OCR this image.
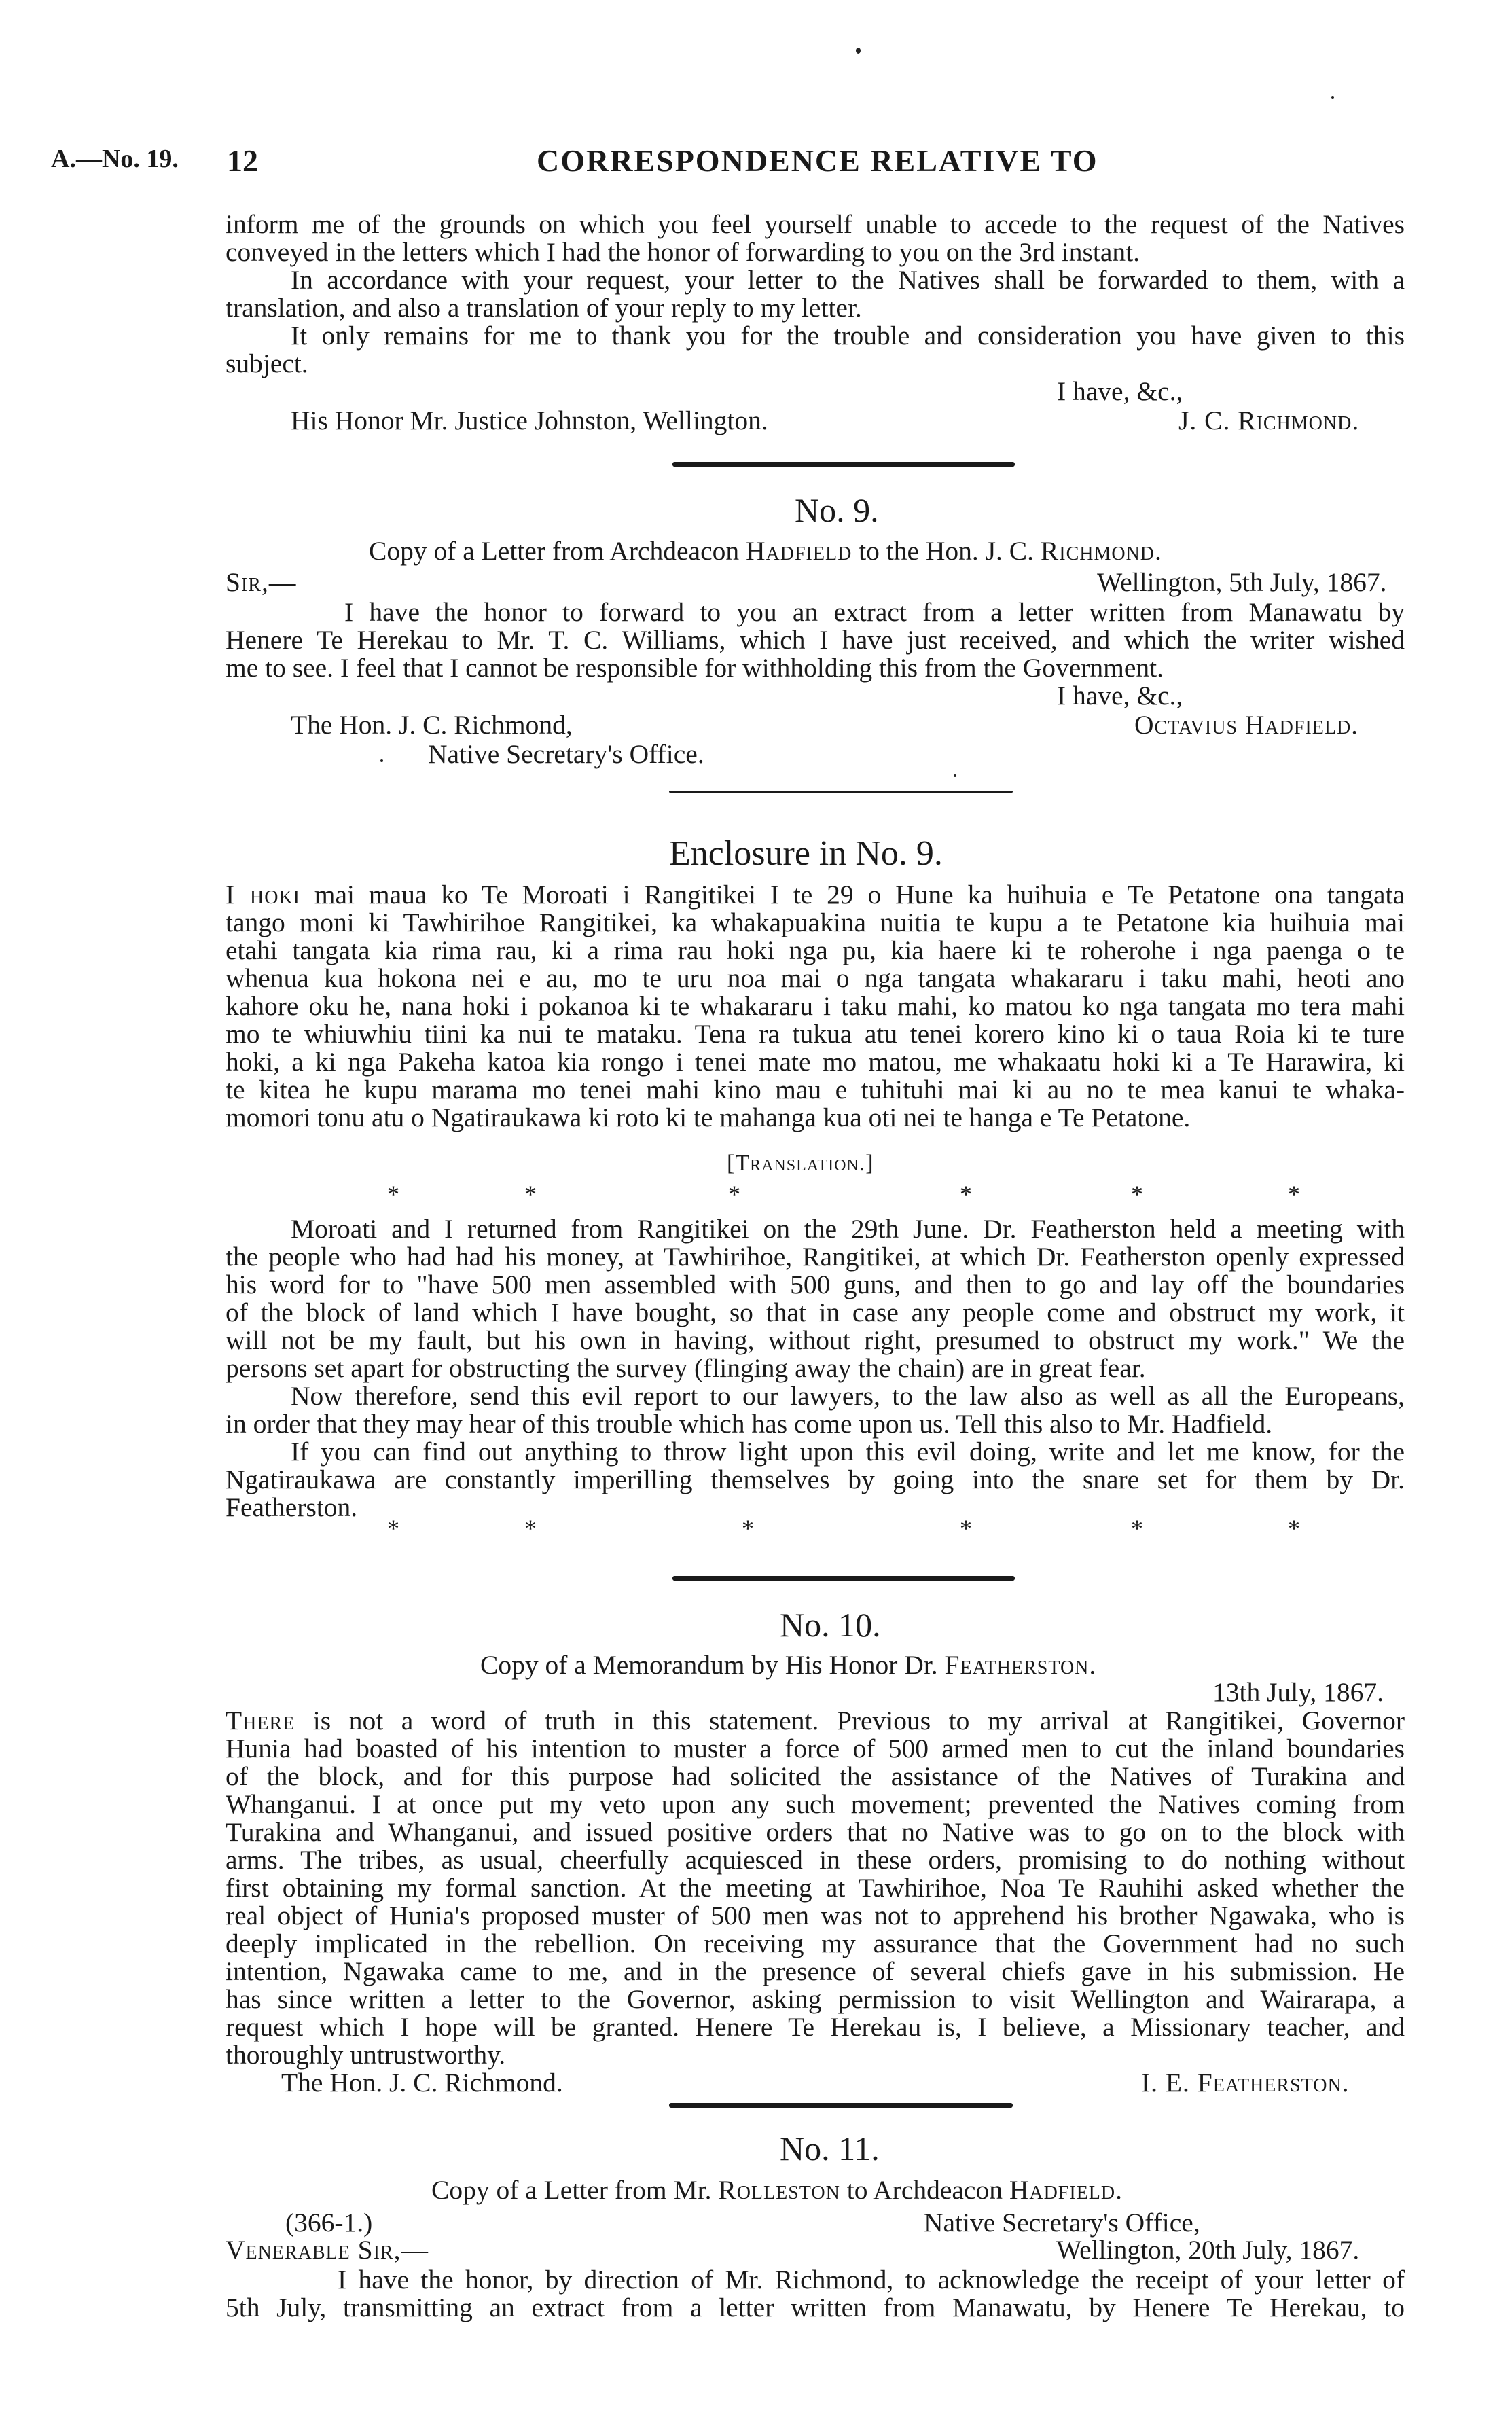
A.—No. 19. 12	CORRESPONDENCE RELATIVE TO
inform me of the grounds on which you feel yourself unable to accede to the request of the Natives
conveyed in the letters which I had the honor of forwarding to you on the 3rd instant.
In accordance with your request, your letter to the Natives shall be forwarded to them, with a
translation, and also a translation of your reply to my letter.
It only remains for me to thank you for the trouble and consideration you have given to this
subject.
I have, &c.,
His Honor Mr. Justice Johnston, Wellington.	J. C. Richmond.
No. 9.
Copy of a Letter from Archdeacon Hadfield to the Hon. J. C. Richmond.
Sir,—	Wellington, 5th July, 1867.
I have the honor to forward to you an extract from a letter written from Manawatu by
Henere Te Herekau to Mr. T. C. Williams, which I have just received, and which the writer wished
me to see. I feel that I cannot be responsible for withholding this from the Government.
I have, &c.,
The Hon. J. C. Richmond,	Octavius Hadfield.
Native Secretary's Office.
Enclosure in No. 9.
I hoki mai maua ko Te Moroati i Rangitikei I te 29 o Hune ka huihuia e Te Petatone ona tangata
tango moni ki Tawhirihoe Rangitikei, ka whakapuakina nuitia te kupu a te Petatone kia huihuia mai
etahi tangata kia rima rau, ki a rima rau hoki nga pu, kia haere ki te roherohe i nga paenga o te
whenua kua hokona nei e au, mo te uru noa mai o nga tangata whakararu i taku mahi, heoti ano
kahore oku he, nana hoki i pokanoa ki te whakararu i taku mahi, ko matou ko nga tangata mo tera mahi
mo te whiuwhiu tiini ka nui te mataku. Tena ra tukua atu tenei korero kino ki o taua Roia ki te ture
hoki, a ki nga Pakeha katoa kia rongo i tenei mate mo matou, me whakaatu hoki ki a Te Harawira, ki
te kitea he kupu marama mo tenei mahi kino mau e tuhituhi mai ki au no te mea kanui te whaka-
momori tonu atu o Ngatiraukawa ki roto ki te mahanga kua oti nei te hanga e Te Petatone.
[Translation.]
*	*	*	*	*	*
Moroati and I returned from Rangitikei on the 29th June. Dr. Featherston held a meeting with
the people who had had his money, at Tawhirihoe, Rangitikei, at which Dr. Featherston openly expressed
his word for to "have 500 men assembled with 500 guns, and then to go and lay off the boundaries
of the block of land which I have bought, so that in case any people come and obstruct my work, it
will not be my fault, but his own in having, without right, presumed to obstruct my work." We the
persons set apart for obstructing the survey (flinging away the chain) are in great fear.
Now therefore, send this evil report to our lawyers, to the law also as well as all the Europeans,
in order that they may hear of this trouble which has come upon us. Tell this also to Mr. Hadfield.
If you can find out anything to throw light upon this evil doing, write and let me know, for the
Ngatiraukawa are constantly imperilling themselves by going into the snare set for them by Dr.
Featherston.
*	*	*	*	*	*
No. 10.
Copy of a Memorandum by His Honor Dr. Featherston.
13th July, 1867.
There is not a word of truth in this statement. Previous to my arrival at Rangitikei, Governor
Hunia had boasted of his intention to muster a force of 500 armed men to cut the inland boundaries
of the block, and for this purpose had solicited the assistance of the Natives of Turakina and
Whanganui. I at once put my veto upon any such movement; prevented the Natives coming from
Turakina and Whanganui, and issued positive orders that no Native was to go on to the block with
arms. The tribes, as usual, cheerfully acquiesced in these orders, promising to do nothing without
first obtaining my formal sanction. At the meeting at Tawhirihoe, Noa Te Rauhihi asked whether the
real object of Hunia's proposed muster of 500 men was not to apprehend his brother Ngawaka, who is
deeply implicated in the rebellion. On receiving my assurance that the Government had no such
intention, Ngawaka came to me, and in the presence of several chiefs gave in his submission. He
has since written a letter to the Governor, asking permission to visit Wellington and Wairarapa, a
request which I hope will be granted. Henere Te Herekau is, I believe, a Missionary teacher, and
thoroughly untrustworthy.
The Hon. J. C. Richmond.	I. E. Featherston.
No. 11.
Copy of a Letter from Mr. Rolleston to Archdeacon Hadfield.
(366-1.)	Native Secretary's Office,
Venerable Sir,—	Wellington, 20th July, 1867.
I have the honor, by direction of Mr. Richmond, to acknowledge the receipt of your letter of
5th July, transmitting an extract from a letter written from Manawatu, by Henere Te Herekau, to
